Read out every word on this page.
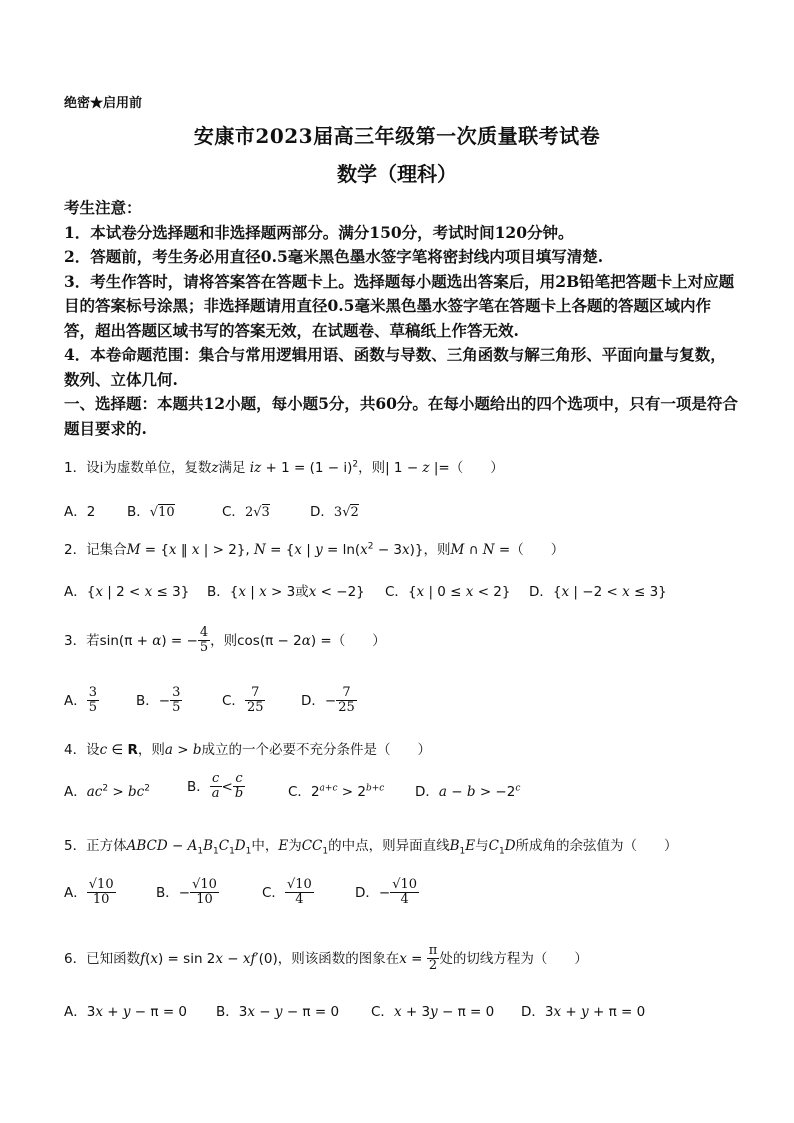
绝密★启用前
安康市2023届高三年级第一次质量联考试卷
数学（理科）
考生注意：
1．本试卷分选择题和非选择题两部分。满分150分，考试时间120分钟。
2．答题前，考生务必用直径0.5毫米黑色墨水签字笔将密封线内项目填写清楚.
3．考生作答时，请将答案答在答题卡上。选择题每小题选出答案后，用2B铅笔把答题卡上对应题目的答案标号涂黑；非选择题请用直径0.5毫米黑色墨水签字笔在答题卡上各题的答题区域内作答，超出答题区域书写的答案无效，在试题卷、草稿纸上作答无效.
4．本卷命题范围：集合与常用逻辑用语、函数与导数、三角函数与解三角形、平面向量与复数，数列、立体几何.
一、选择题：本题共12小题，每小题5分，共60分。在每小题给出的四个选项中，只有一项是符合题目要求的.
1．设i为虚数单位，复数z满足 iz + $1 = (1 - i)^2$，则| 1 − z |=（　　）
A．2 B．√10	C．2√3	D．3√2
2．记集合M = {x ‖ x | > 2}, N = {x | $y = \ln(x^2 - 3x)$}，则M ∩ N =（　　）
A．{x | 2 < x ≤ 3} B．{x | x > 3或x < −2} C．{x | 0 ≤ x < 2} D．{x | −2 < x ≤ 3}
3．若sin(π + α) = − $\frac{4}{5}$ ，则cos(π − 2α) =（　　）
A． $\frac{3}{5}$	B．− $\frac{3}{5}$	C． $\frac{7}{25}$	D．− $\frac{7}{25}$
4．设c ∈ R，则a > b成立的一个必要不充分条件是（　　）
A．$ac^2 > bc^2$	B． $\frac{c}{a} < \frac{c}{b}$	C．$2^{a+c} > 2^{b+c}$ D．$a - b > -2^c$
5．正方体ABCD − $A_1B_1C_1D_1$中，E为$CC_1$的中点，则异面直线$B_1E$与$C_1D$所成角的余弦值为（　　）
A． $\frac{√10}{10}$	B．− $\frac{√10}{10}$	C． $\frac{√10}{4}$	D．− $\frac{√10}{4}$
6．已知函数f(x) = sin 2x − xf′(0)，则该函数的图象在$x = \frac{\pi}{2}$ 处的切线方程为（　　）
A．3x + y − π = 0 B．3x − y − π = 0 C．x + 3y − π = 0 D．3x + y + π = 0
